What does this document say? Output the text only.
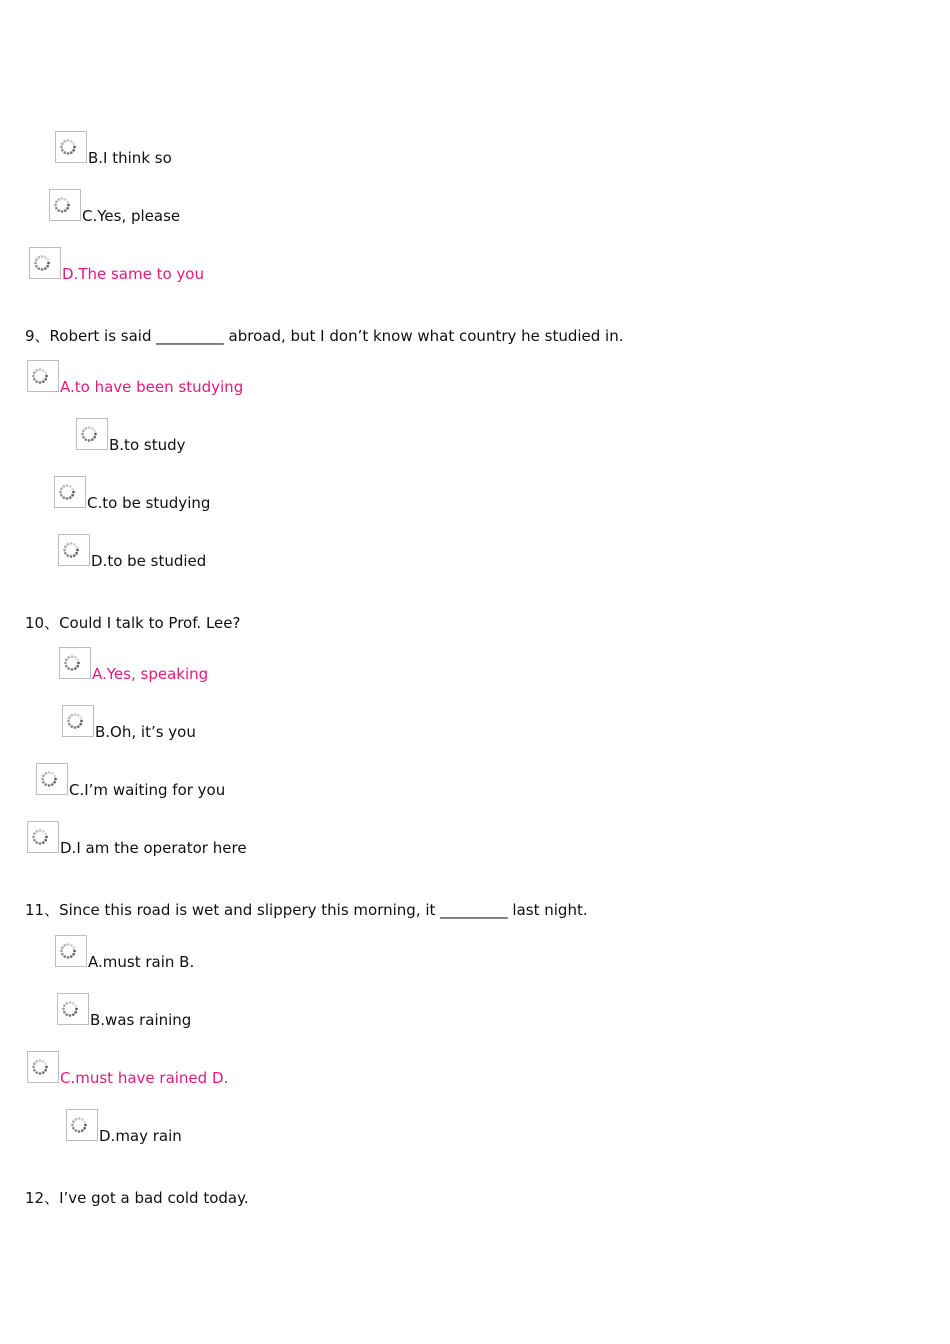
B.I think so
C.Yes, please
D.The same to you
9、Robert is said _________ abroad, but I don’t know what country he studied in.
A.to have been studying
B.to study
C.to be studying
D.to be studied
10、Could I talk to Prof. Lee?
A.Yes, speaking
B.Oh, it’s you
C.I’m waiting for you
D.I am the operator here
11、Since this road is wet and slippery this morning, it _________ last night.
A.must rain B.
B.was raining
C.must have rained D.
D.may rain
12、I’ve got a bad cold today.
